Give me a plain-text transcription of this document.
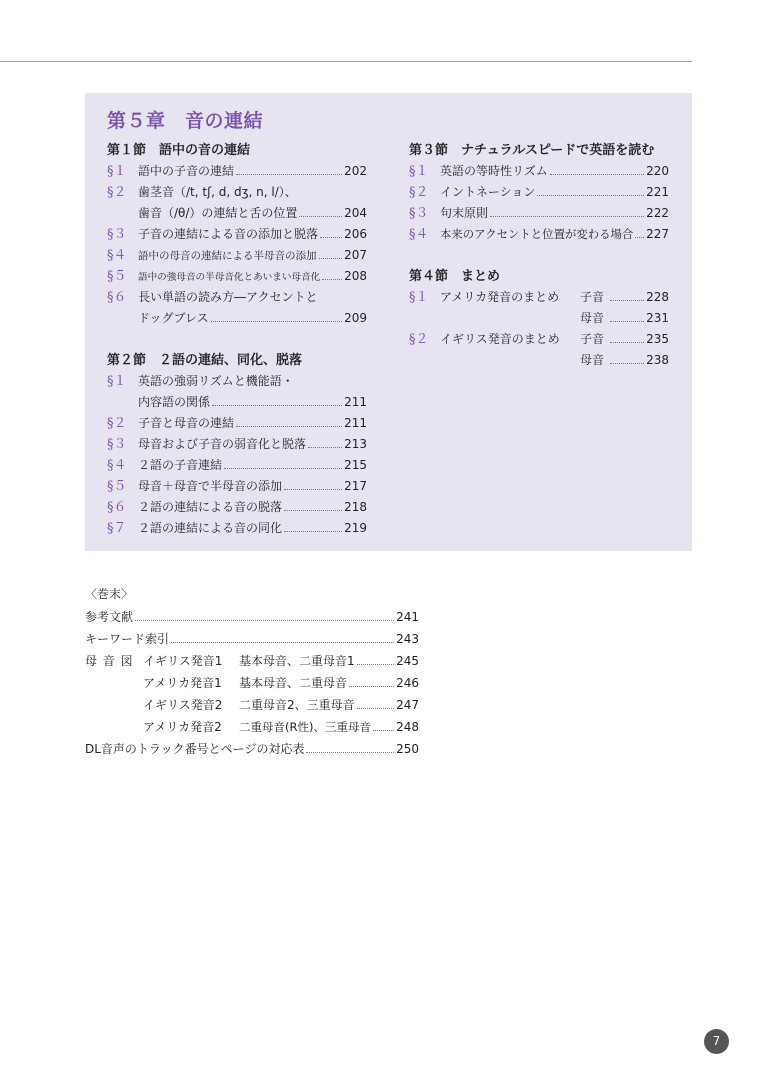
第５章　音の連結
第１節　語中の音の連結
§１ 語中の子音の連結	202
§２ 歯茎音（/t, tʃ, d, dʒ, n, l/）、
歯音（/θ/）の連結と舌の位置	204
§３ 子音の連結による音の添加と脱落 206
§４	語中の母音の連結による半母音の添加 207
§５	語中の強母音の半母音化とあいまい母音化 208
§６ 長い単語の読み方―アクセントと
ドッグブレス	209
第２節　２語の連結、同化、脱落
§１ 英語の強弱リズムと機能語・
内容語の関係	211
§２ 子音と母音の連結	211
§３ 母音および子音の弱音化と脱落	213
§４ ２語の子音連結	215
§５ 母音＋母音で半母音の添加	217
§６ ２語の連結による音の脱落	218
§７ ２語の連結による音の同化	219
第３節　ナチュラルスピードで英語を読む
§１ 英語の等時性リズム	220
§２ イントネーション	221
§３ 句末原則	222
§４	本来のアクセントと位置が変わる場合 227
第４節　まとめ
§１ アメリカ発音のまとめ	子音	228
母音	231
§２ イギリス発音のまとめ	子音	235
母音	238
〈巻末〉
参考文献	241
キーワード索引	243
母 音 図 イギリス発音1	基本母音、二重母音1	245
アメリカ発音1	基本母音、二重母音	246
イギリス発音2	二重母音2、三重母音	247
アメリカ発音2	二重母音(R性)、三重母音 248
DL音声のトラック番号とページの対応表	250
7
